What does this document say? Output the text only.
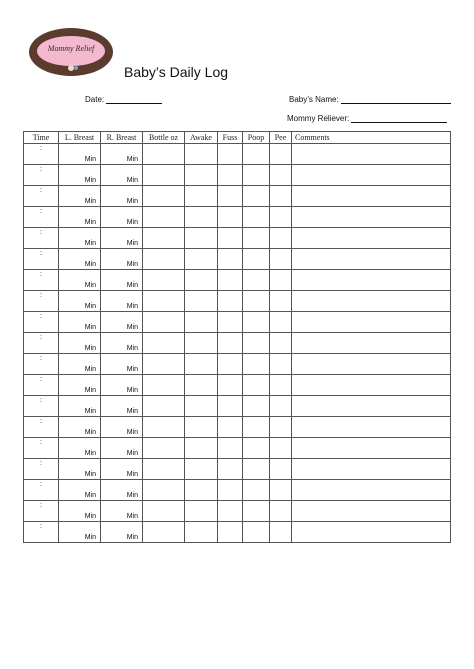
Mommy Relief
Baby’s Daily Log
Date:	Baby’s Name:
Mommy Reliever:
Time	L. Breast	R. Breast	Bottle oz	Awake	Fuss	Poop	Pee	Comments

:	Min	Min						

:	Min	Min						

:	Min	Min						

:	Min	Min						

:	Min	Min						

:	Min	Min						

:	Min	Min						

:	Min	Min						

:	Min	Min						

:	Min	Min						

:	Min	Min						

:	Min	Min						

:	Min	Min						

:	Min	Min						

:	Min	Min						

:	Min	Min						

:	Min	Min						

:	Min	Min						

:	Min	Min						
